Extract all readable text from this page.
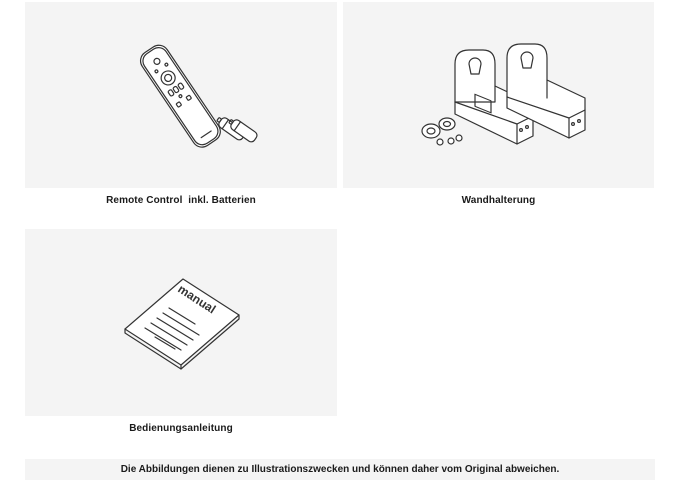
Remote Control  inkl. Batterien	Wandhalterung
manual
Bedienungsanleitung
Die Abbildungen dienen zu Illustrationszwecken und können daher vom Original abweichen.
